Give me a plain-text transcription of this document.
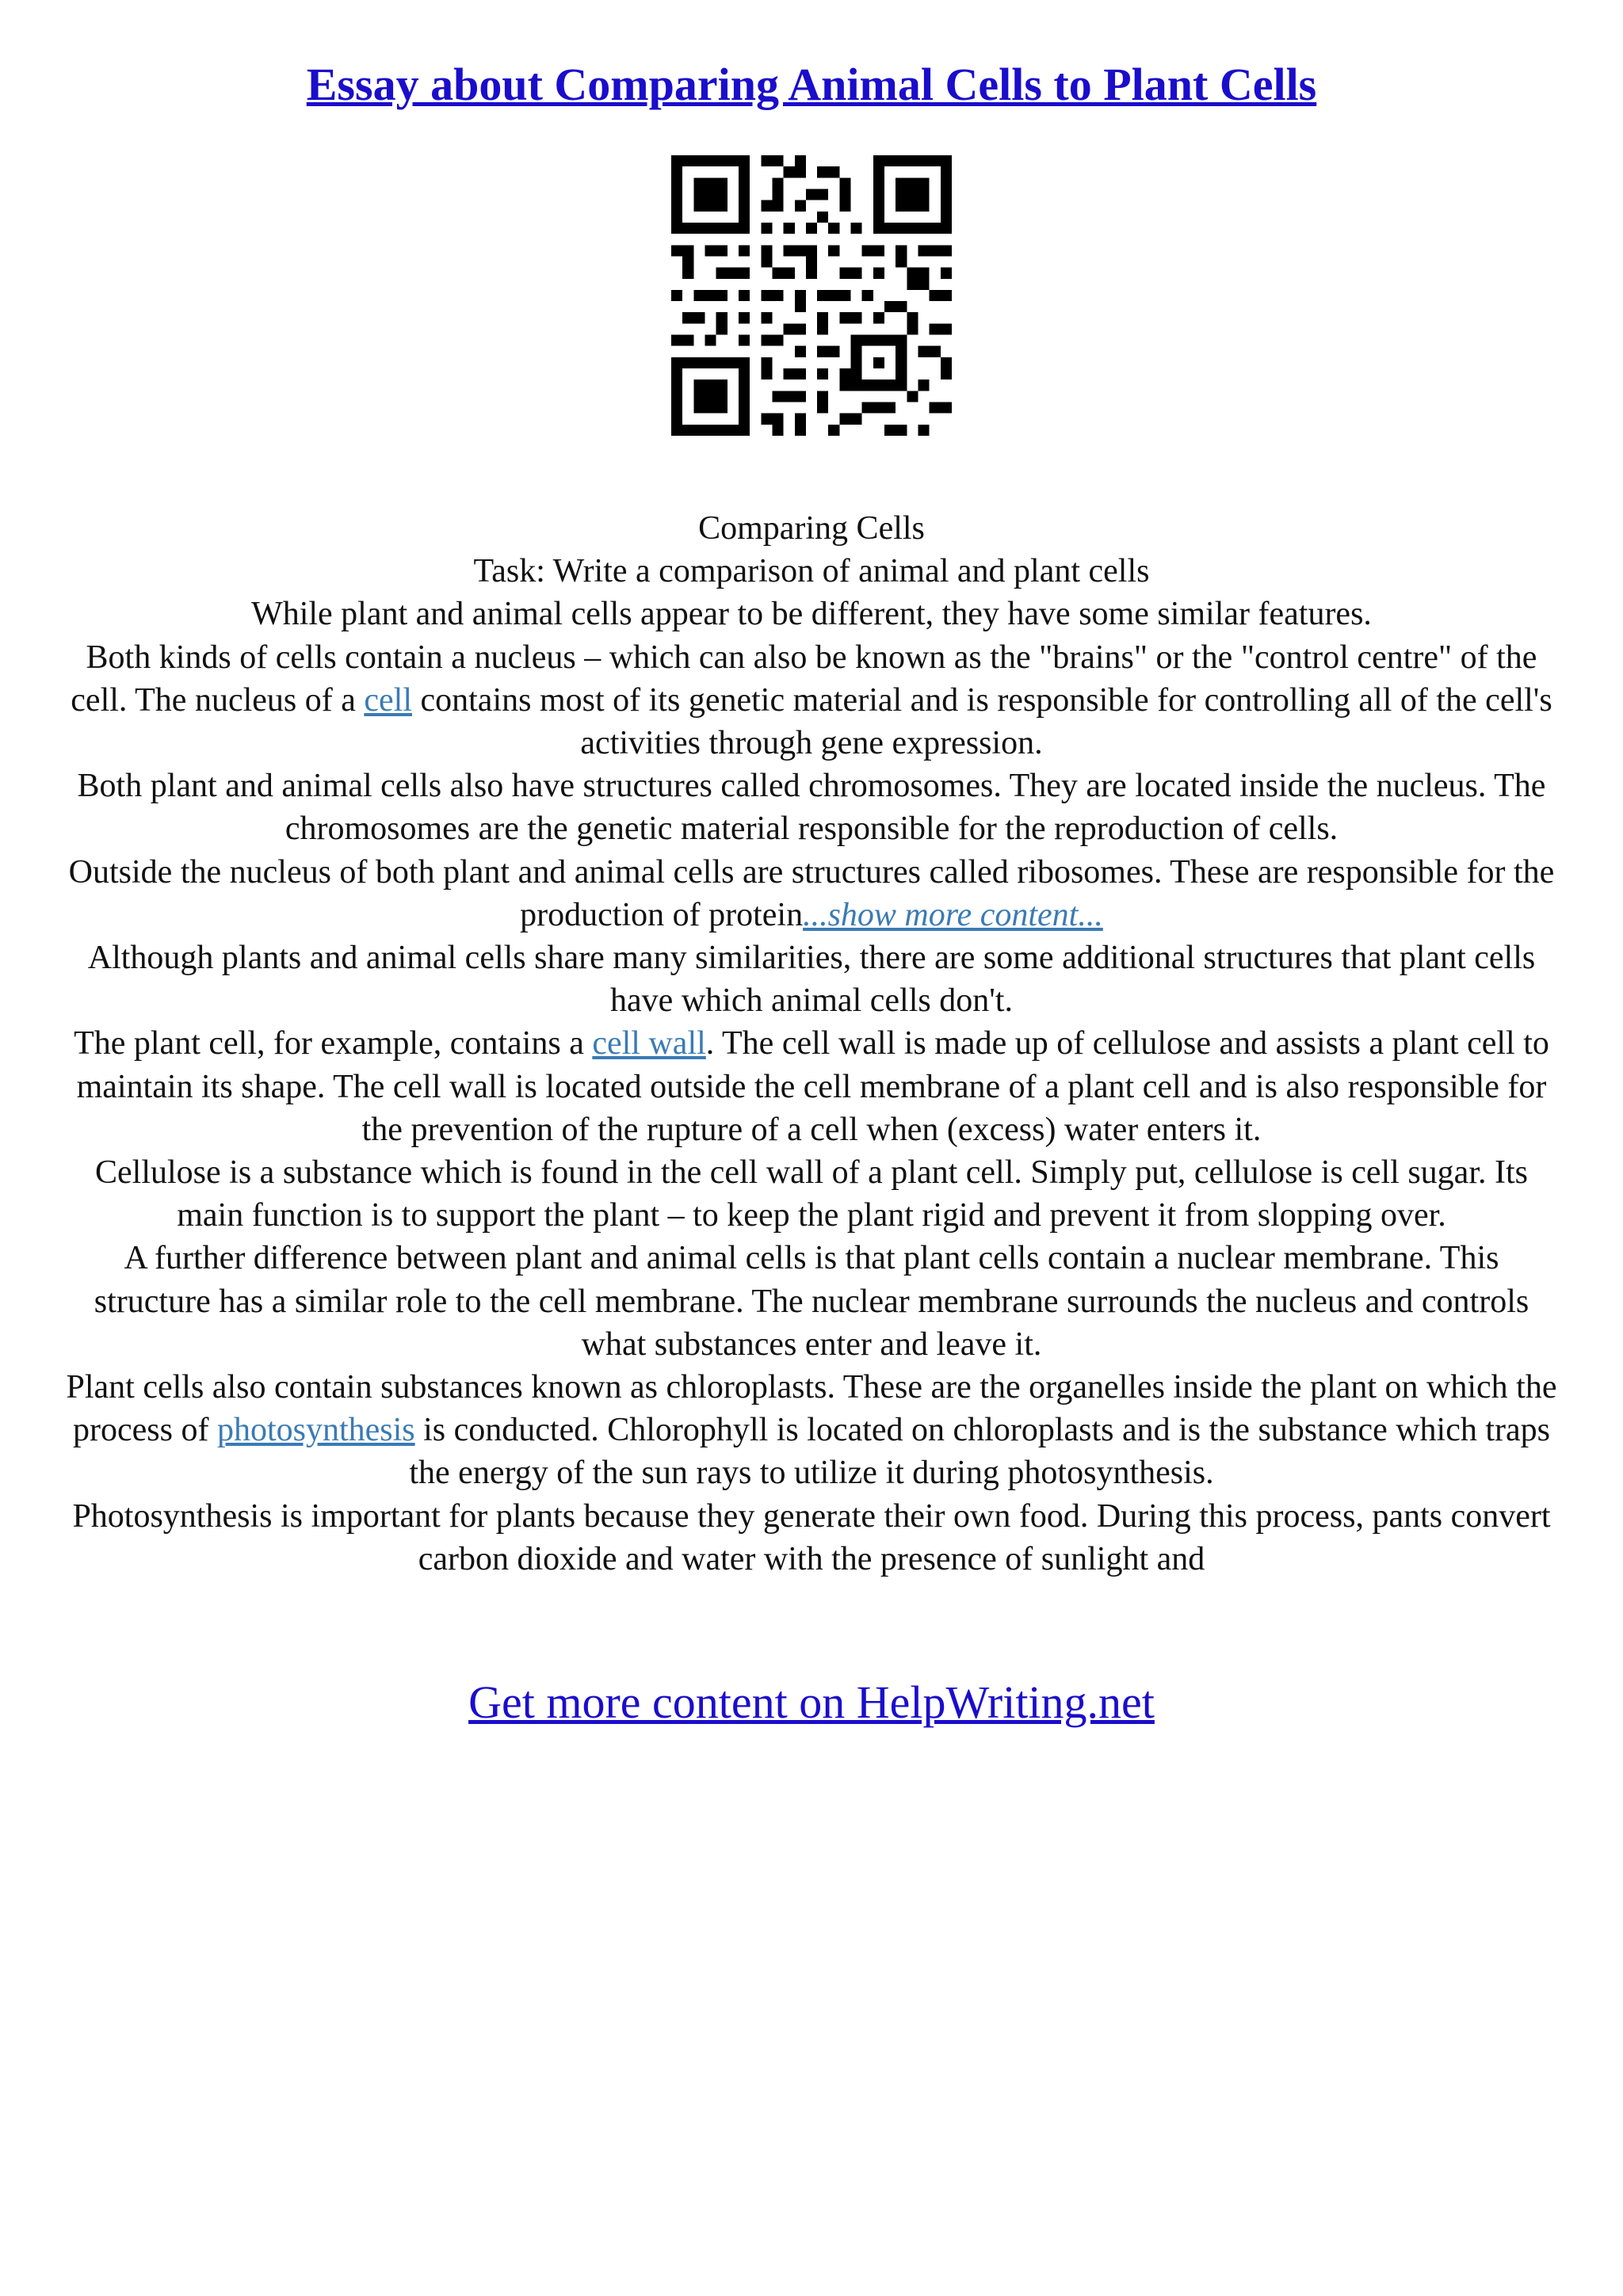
Essay about Comparing Animal Cells to Plant Cells

Comparing Cells

Task: Write a comparison of animal and plant cells

While plant and animal cells appear to be different, they have some similar features.

Both kinds of cells contain a nucleus – which can also be known as the "brains" or the "control centre" of the cell. The nucleus of a cell contains most of its genetic material and is responsible for controlling all of the cell's activities through gene expression.

Both plant and animal cells also have structures called chromosomes. They are located inside the nucleus. The chromosomes are the genetic material responsible for the reproduction of cells.

Outside the nucleus of both plant and animal cells are structures called ribosomes. These are responsible for the production of protein...show more content...

Although plants and animal cells share many similarities, there are some additional structures that plant cells have which animal cells don't.

The plant cell, for example, contains a cell wall. The cell wall is made up of cellulose and assists a plant cell to maintain its shape. The cell wall is located outside the cell membrane of a plant cell and is also responsible for the prevention of the rupture of a cell when (excess) water enters it.

Cellulose is a substance which is found in the cell wall of a plant cell. Simply put, cellulose is cell sugar. Its main function is to support the plant – to keep the plant rigid and prevent it from slopping over.

A further difference between plant and animal cells is that plant cells contain a nuclear membrane. This structure has a similar role to the cell membrane. The nuclear membrane surrounds the nucleus and controls what substances enter and leave it.

Plant cells also contain substances known as chloroplasts. These are the organelles inside the plant on which the process of photosynthesis is conducted. Chlorophyll is located on chloroplasts and is the substance which traps the energy of the sun rays to utilize it during photosynthesis.

Photosynthesis is important for plants because they generate their own food. During this process, pants convert carbon dioxide and water with the presence of sunlight and

Get more content on HelpWriting.net
